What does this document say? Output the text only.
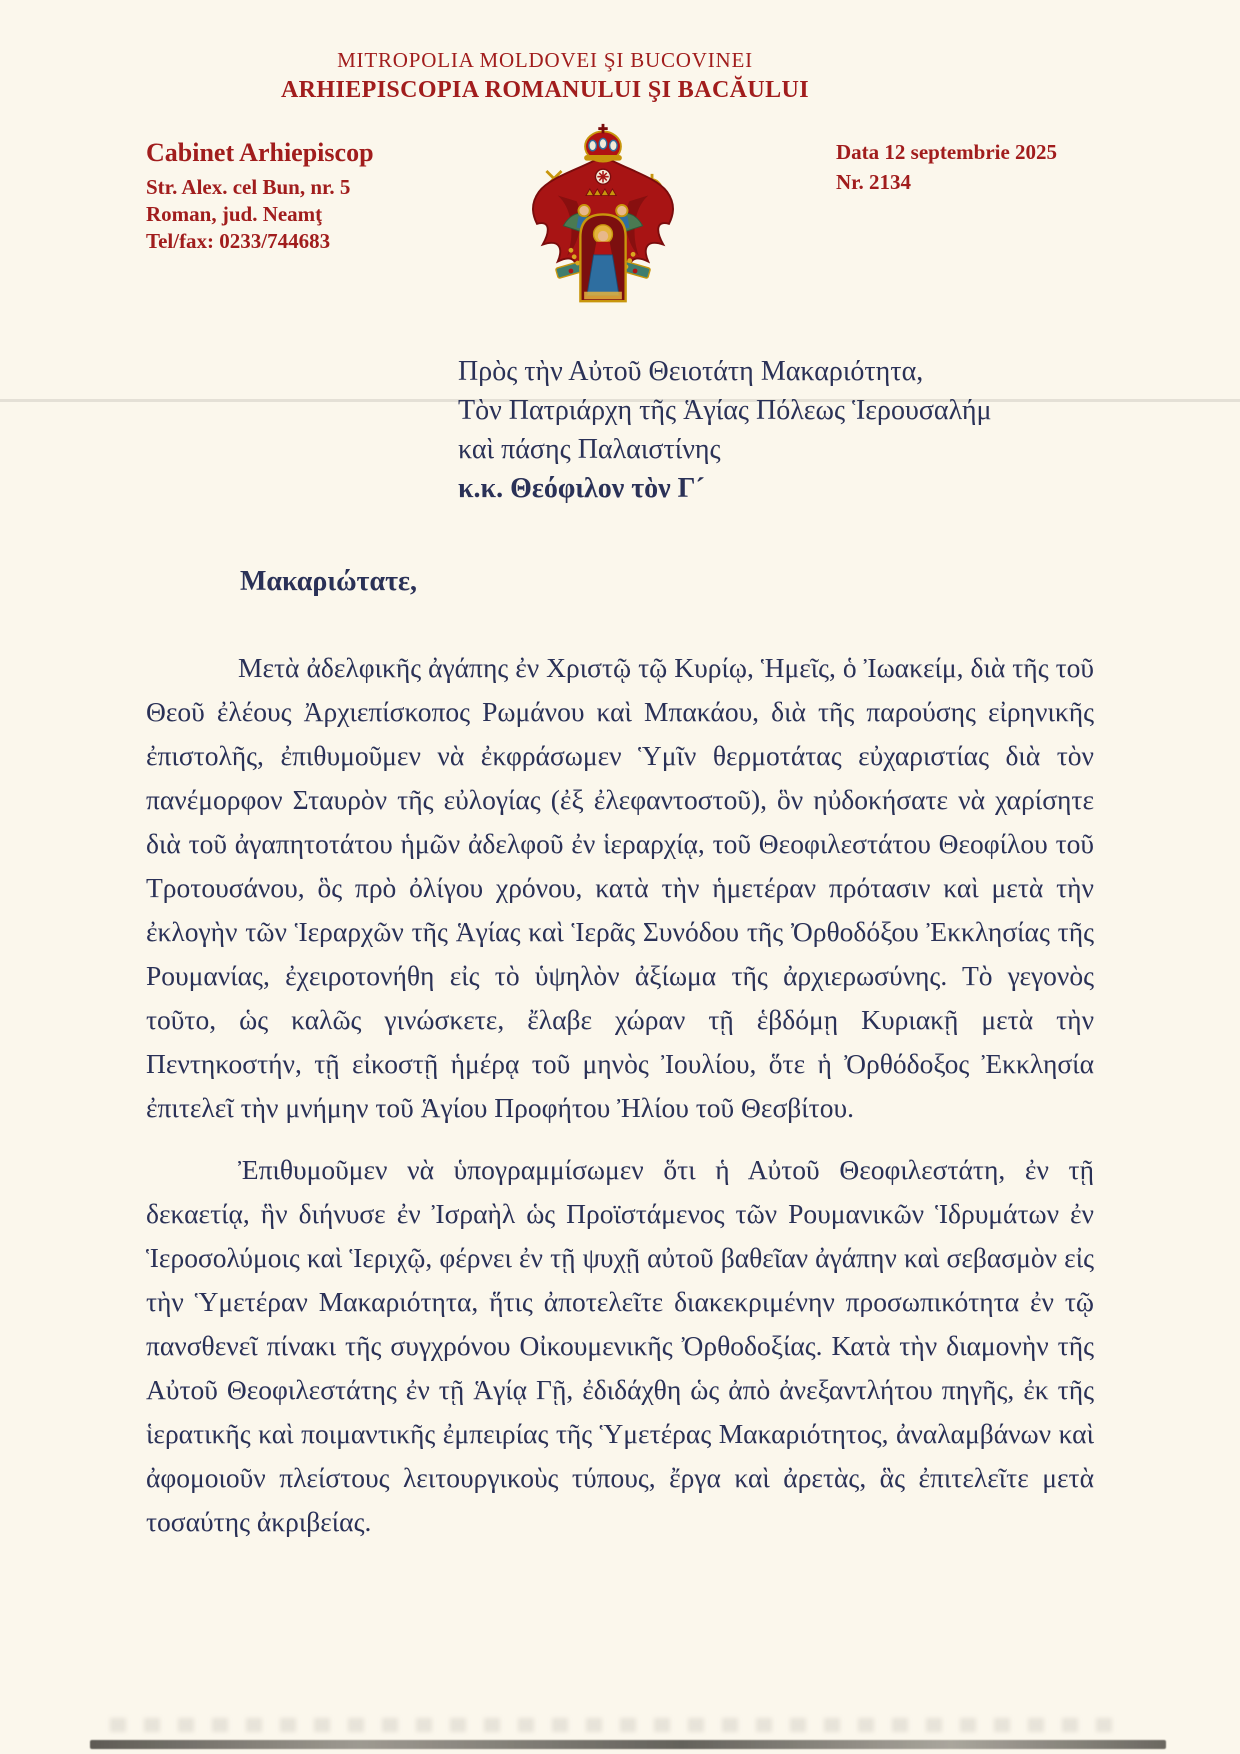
MITROPOLIA MOLDOVEI ŞI BUCOVINEI
ARHIEPISCOPIA ROMANULUI ŞI BACĂULUI
Cabinet Arhiepiscop
Str. Alex. cel Bun, nr. 5
Roman, jud. Neamţ
Tel/fax: 0233/744683
Data 12 septembrie 2025
Nr. 2134
Πρὸς τὴν Αὐτοῦ Θειοτάτη Μακαριότητα,
Τὸν Πατριάρχη τῆς Ἁγίας Πόλεως Ἱερουσαλήμ
καὶ πάσης Παλαιστίνης
κ.κ. Θεόφιλον τὸν Γ´
Μακαριώτατε,

Μετὰ ἀδελφικῆς ἀγάπης ἐν Χριστῷ τῷ Κυρίῳ, Ἡμεῖς, ὁ Ἰωακείμ, διὰ τῆς τοῦ Θεοῦ ἐλέους Ἀρχιεπίσκοπος Ρωμάνου καὶ Μπακάου, διὰ τῆς παρούσης εἰρηνικῆς ἐπιστολῆς, ἐπιθυμοῦμεν νὰ ἐκφράσωμεν Ὑμῖν θερμοτάτας εὐχαριστίας διὰ τὸν πανέμορφον Σταυρὸν τῆς εὐλογίας (ἐξ ἐλεφαντοστοῦ), ὃν ηὐδοκήσατε νὰ χαρίσητε διὰ τοῦ ἀγαπητοτάτου ἡμῶν ἀδελφοῦ ἐν ἱεραρχίᾳ, τοῦ Θεοφιλεστάτου Θεοφίλου τοῦ Τροτουσάνου, ὃς πρὸ ὀλίγου χρόνου, κατὰ τὴν ἡμετέραν πρότασιν καὶ μετὰ τὴν ἐκλογὴν τῶν Ἱεραρχῶν τῆς Ἁγίας καὶ Ἱερᾶς Συνόδου τῆς Ὀρθοδόξου Ἐκκλησίας τῆς Ρουμανίας, ἐχειροτονήθη εἰς τὸ ὑψηλὸν ἀξίωμα τῆς ἀρχιερωσύνης. Τὸ γεγονὸς τοῦτο, ὡς καλῶς γινώσκετε, ἔλαβε χώραν τῇ ἑβδόμῃ Κυριακῇ μετὰ τὴν Πεντηκοστήν, τῇ εἰκοστῇ ἡμέρᾳ τοῦ μηνὸς Ἰουλίου, ὅτε ἡ Ὀρθόδοξος Ἐκκλησία ἐπιτελεῖ τὴν μνήμην τοῦ Ἁγίου Προφήτου Ἠλίου τοῦ Θεσβίτου.

Ἐπιθυμοῦμεν νὰ ὑπογραμμίσωμεν ὅτι ἡ Αὐτοῦ Θεοφιλεστάτη, ἐν τῇ δεκαετίᾳ, ἣν διήνυσε ἐν Ἰσραὴλ ὡς Προϊστάμενος τῶν Ρουμανικῶν Ἱδρυμάτων ἐν Ἱεροσολύμοις καὶ Ἱεριχῷ, φέρνει ἐν τῇ ψυχῇ αὐτοῦ βαθεῖαν ἀγάπην καὶ σεβασμὸν εἰς τὴν Ὑμετέραν Μακαριότητα, ἥτις ἀποτελεῖτε διακεκριμένην προσωπικότητα ἐν τῷ πανσθενεῖ πίνακι τῆς συγχρόνου Οἰκουμενικῆς Ὀρθοδοξίας. Κατὰ τὴν διαμονὴν τῆς Αὐτοῦ Θεοφιλεστάτης ἐν τῇ Ἁγίᾳ Γῇ, ἐδιδάχθη ὡς ἀπὸ ἀνεξαντλήτου πηγῆς, ἐκ τῆς ἱερατικῆς καὶ ποιμαντικῆς ἐμπειρίας τῆς Ὑμετέρας Μακαριότητος, ἀναλαμβάνων καὶ ἀφομοιοῦν πλείστους λειτουργικοὺς τύπους, ἔργα καὶ ἀρετὰς, ἃς ἐπιτελεῖτε μετὰ τοσαύτης ἀκριβείας.
